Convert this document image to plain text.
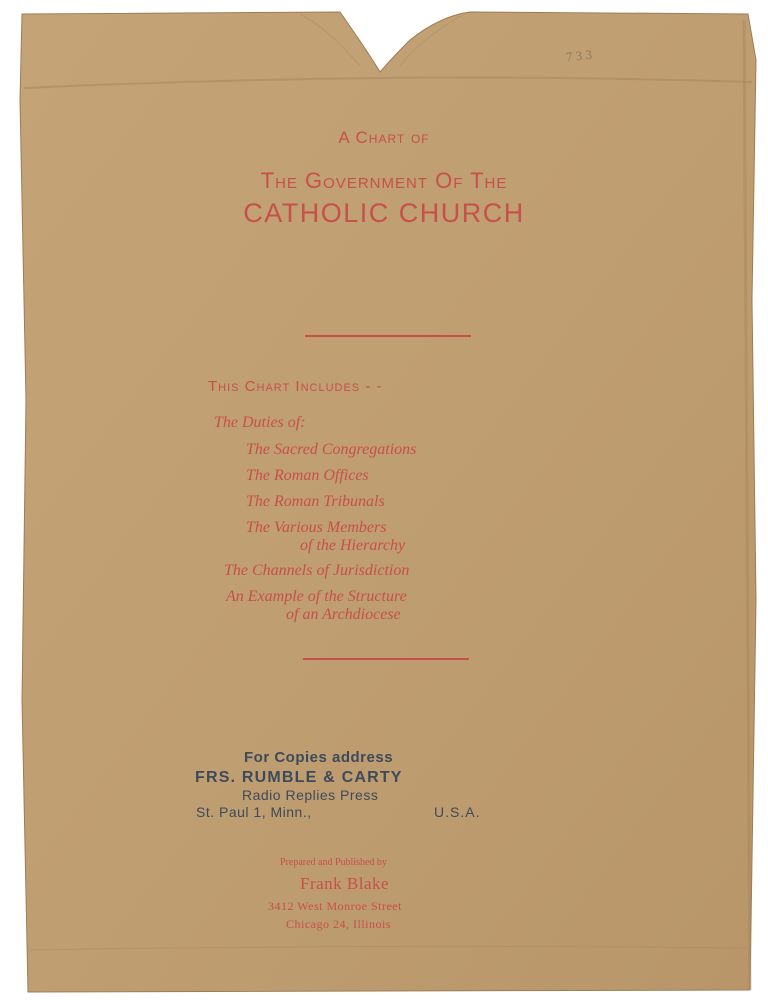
7 3 3
A Chart of
The Government Of The
CATHOLIC CHURCH
This Chart Includes - -
The Duties of:
The Sacred Congregations
The Roman Offices
The Roman Tribunals
The Various Members
of the Hierarchy
The Channels of Jurisdiction
An Example of the Structure
of an Archdiocese
For Copies address
FRS. RUMBLE & CARTY
Radio Replies Press
St. Paul 1, Minn.,	U.S.A.
Prepared and Published by
Frank Blake
3412 West Monroe Street
Chicago 24, Illinois
